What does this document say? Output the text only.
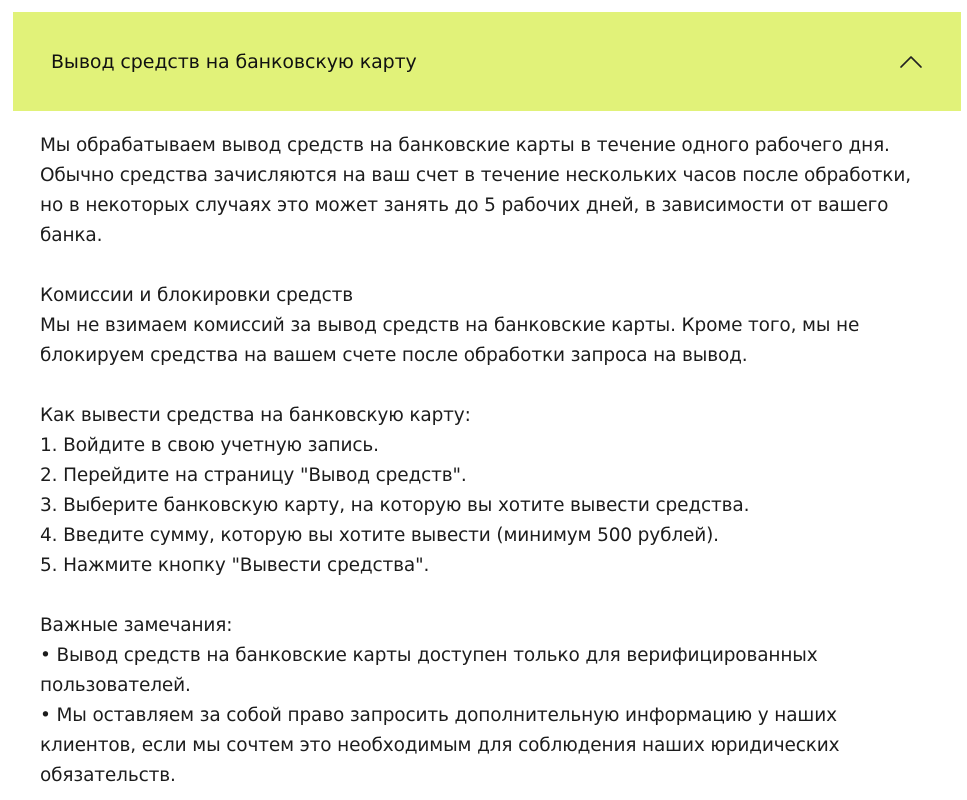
Вывод средств на банковскую карту

Мы обрабатываем вывод средств на банковские карты в течение одного рабочего дня.

Обычно средства зачисляются на ваш счет в течение нескольких часов после обработки,

но в некоторых случаях это может занять до 5 рабочих дней, в зависимости от вашего

банка.

Комиссии и блокировки средств

Мы не взимаем комиссий за вывод средств на банковские карты. Кроме того, мы не

блокируем средства на вашем счете после обработки запроса на вывод.

Как вывести средства на банковскую карту:

1. Войдите в свою учетную запись.

2. Перейдите на страницу "Вывод средств".

3. Выберите банковскую карту, на которую вы хотите вывести средства.

4. Введите сумму, которую вы хотите вывести (минимум 500 рублей).

5. Нажмите кнопку "Вывести средства".

Важные замечания:

• Вывод средств на банковские карты доступен только для верифицированных

пользователей.

• Мы оставляем за собой право запросить дополнительную информацию у наших

клиентов, если мы сочтем это необходимым для соблюдения наших юридических

обязательств.
